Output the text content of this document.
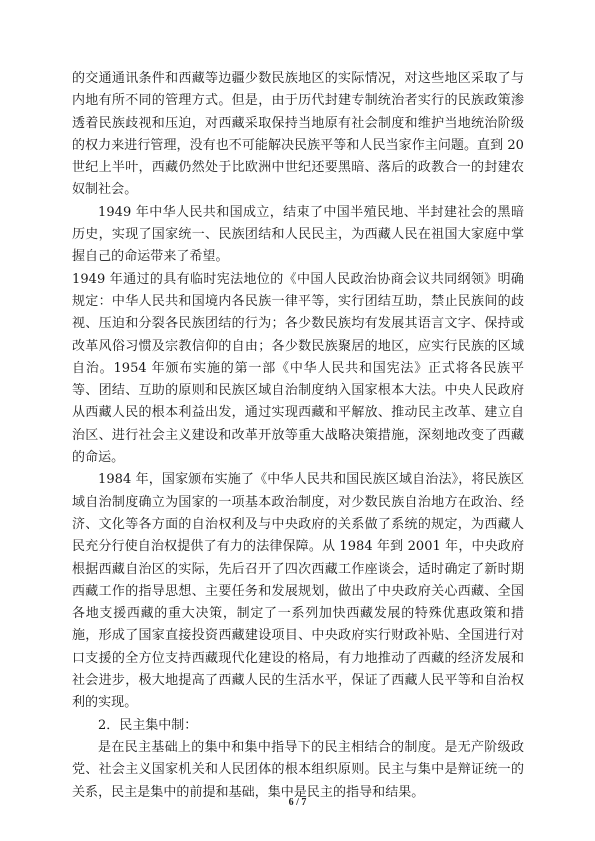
的交通通讯条件和西藏等边疆少数民族地区的实际情况，对这些地区采取了与内地有所不同的管理方式。但是，由于历代封建专制统治者实行的民族政策渗透着民族歧视和压迫，对西藏采取保持当地原有社会制度和维护当地统治阶级的权力来进行管理，没有也不可能解决民族平等和人民当家作主问题。直到 20 世纪上半叶，西藏仍然处于比欧洲中世纪还要黑暗、落后的政教合一的封建农奴制社会。

1949 年中华人民共和国成立，结束了中国半殖民地、半封建社会的黑暗历史，实现了国家统一、民族团结和人民民主，为西藏人民在祖国大家庭中掌握自己的命运带来了希望。

1949 年通过的具有临时宪法地位的《中国人民政治协商会议共同纲领》明确规定：中华人民共和国境内各民族一律平等，实行团结互助，禁止民族间的歧视、压迫和分裂各民族团结的行为；各少数民族均有发展其语言文字、保持或改革风俗习惯及宗教信仰的自由；各少数民族聚居的地区，应实行民族的区域自治。1954 年颁布实施的第一部《中华人民共和国宪法》正式将各民族平等、团结、互助的原则和民族区域自治制度纳入国家根本大法。中央人民政府从西藏人民的根本利益出发，通过实现西藏和平解放、推动民主改革、建立自治区、进行社会主义建设和改革开放等重大战略决策措施，深刻地改变了西藏的命运。

1984 年，国家颁布实施了《中华人民共和国民族区域自治法》，将民族区域自治制度确立为国家的一项基本政治制度，对少数民族自治地方在政治、经济、文化等各方面的自治权利及与中央政府的关系做了系统的规定，为西藏人民充分行使自治权提供了有力的法律保障。从 1984 年到 2001 年，中央政府根据西藏自治区的实际，先后召开了四次西藏工作座谈会，适时确定了新时期西藏工作的指导思想、主要任务和发展规划，做出了中央政府关心西藏、全国各地支援西藏的重大决策，制定了一系列加快西藏发展的特殊优惠政策和措施，形成了国家直接投资西藏建设项目、中央政府实行财政补贴、全国进行对口支援的全方位支持西藏现代化建设的格局，有力地推动了西藏的经济发展和社会进步，极大地提高了西藏人民的生活水平，保证了西藏人民平等和自治权利的实现。

2．民主集中制：

是在民主基础上的集中和集中指导下的民主相结合的制度。是无产阶级政党、社会主义国家机关和人民团体的根本组织原则。民主与集中是辩证统一的关系，民主是集中的前提和基础，集中是民主的指导和结果。

6 / 7
